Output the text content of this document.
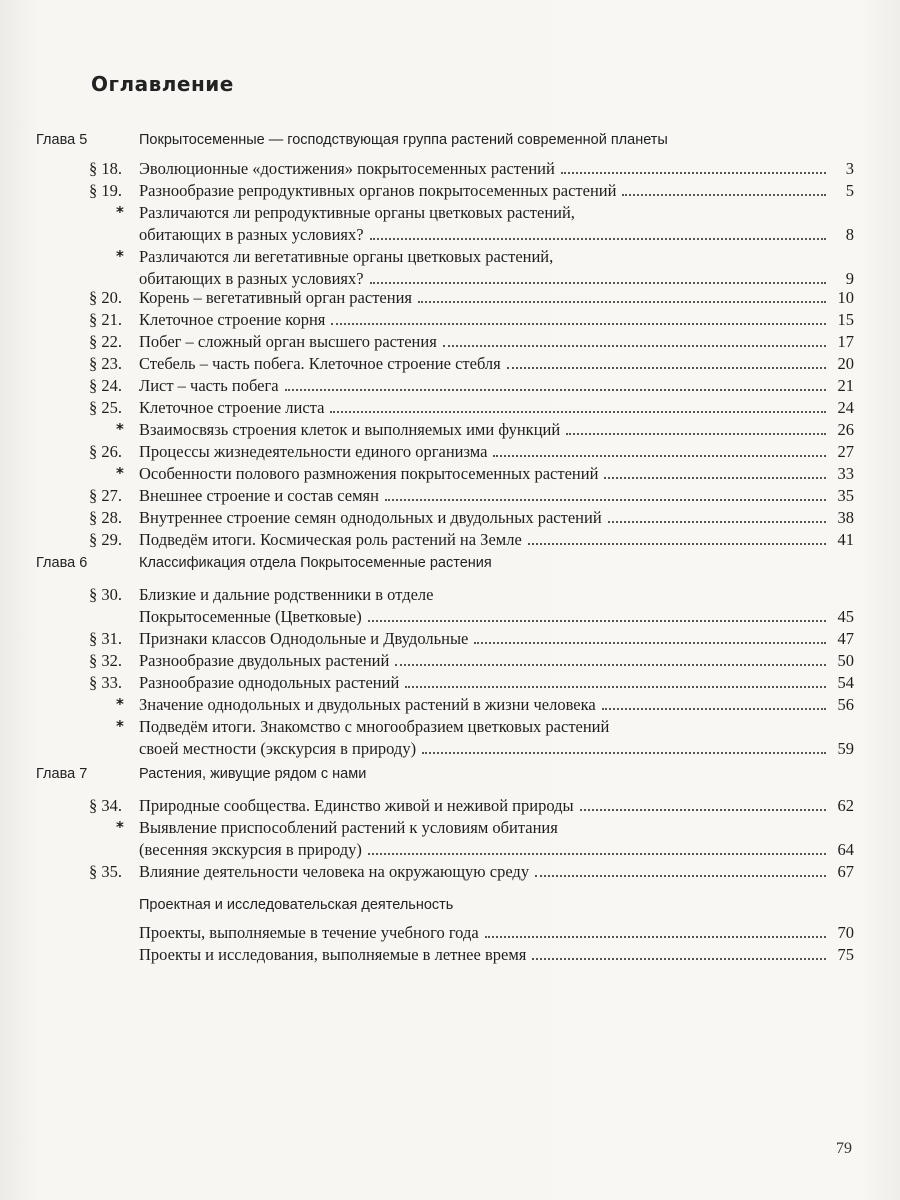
Оглавление
Глава 5	Покрытосеменные — господствующая группа растений современной планеты
§ 18. Эволюционные «достижения» покрытосеменных растений	3
§ 19. Разнообразие репродуктивных органов покрытосеменных растений	5
* Различаются ли репродуктивные органы цветковых растений,
обитающих в разных условиях?	8
* Различаются ли вегетативные органы цветковых растений,
обитающих в разных условиях?	9
§ 20. Корень – вегетативный орган растения	10
§ 21. Клеточное строение корня	15
§ 22. Побег – сложный орган высшего растения	17
§ 23. Стебель – часть побега. Клеточное строение стебля	20
§ 24. Лист – часть побега	21
§ 25. Клеточное строение листа	24
* Взаимосвязь строения клеток и выполняемых ими функций	26
§ 26. Процессы жизнедеятельности единого организма	27
* Особенности полового размножения покрытосеменных растений	33
§ 27. Внешнее строение и состав семян	35
§ 28. Внутреннее строение семян однодольных и двудольных растений	38
§ 29. Подведём итоги. Космическая роль растений на Земле	41
Глава 6	Классификация отдела Покрытосеменные растения
§ 30. Близкие и дальние родственники в отделе
Покрытосеменные (Цветковые)	45
§ 31. Признаки классов Однодольные и Двудольные	47
§ 32. Разнообразие двудольных растений	50
§ 33. Разнообразие однодольных растений	54
* Значение однодольных и двудольных растений в жизни человека	56
* Подведём итоги. Знакомство с многообразием цветковых растений
своей местности (экскурсия в природу)	59
Глава 7	Растения, живущие рядом с нами
§ 34. Природные сообщества. Единство живой и неживой природы	62
* Выявление приспособлений растений к условиям обитания
(весенняя экскурсия в природу)	64
§ 35. Влияние деятельности человека на окружающую среду	67
Проектная и исследовательская деятельность
Проекты, выполняемые в течение учебного года	70
Проекты и исследования, выполняемые в летнее время	75
79
